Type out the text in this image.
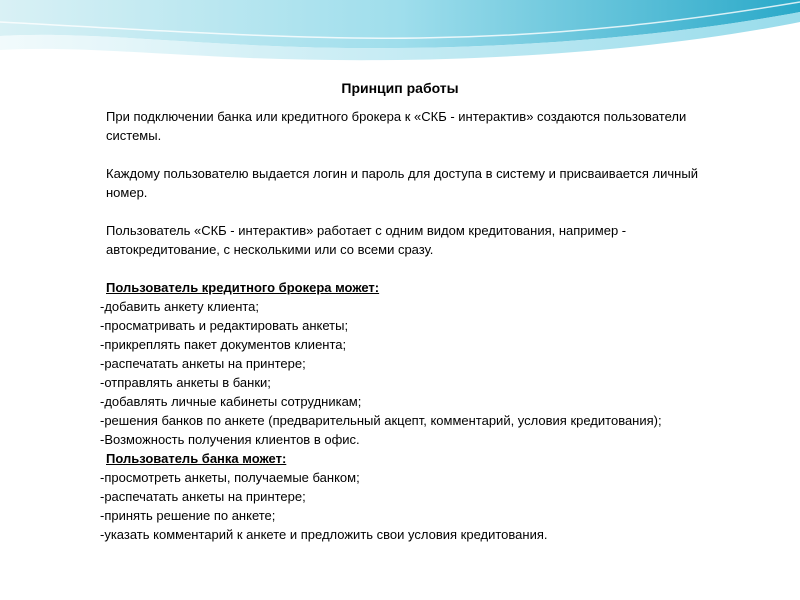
Принцип работы

При подключении банка или кредитного брокера к «СКБ - интерактив» создаются пользователи системы.

Каждому пользователю выдается логин и пароль для доступа в систему и присваивается личный номер.

Пользователь «СКБ - интерактив» работает с одним видом кредитования, например - автокредитование, с несколькими или со всеми сразу.

Пользователь кредитного брокера может:

-добавить анкету клиента;

-просматривать и редактировать анкеты;

-прикреплять пакет документов клиента;

-распечатать анкеты на принтере;

-отправлять анкеты в банки;

-добавлять личные кабинеты сотрудникам;

-решения банков по анкете (предварительный акцепт, комментарий, условия кредитования);

-Возможность получения клиентов в офис.

Пользователь банка может:

-просмотреть анкеты, получаемые банком;

-распечатать анкеты на принтере;

-принять решение по анкете;

-указать комментарий к анкете и предложить свои условия кредитования.
